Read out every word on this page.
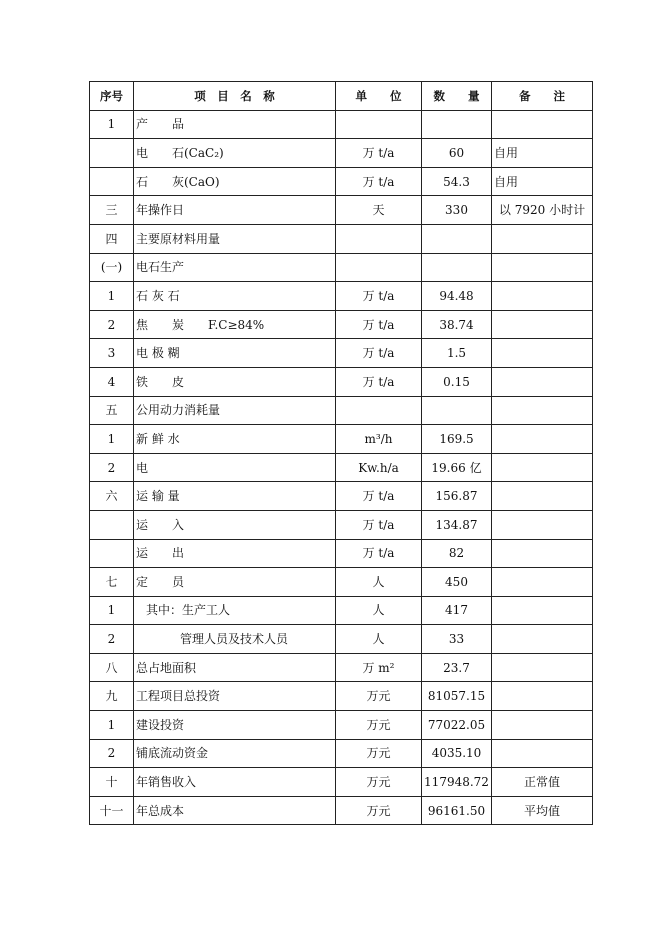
序号	项　目　名　称	单　　位	数　　量	备　　注
1	产　　品			
	电　　石(CaC₂)	万 t/a	60	自用
	石　　灰(CaO)	万 t/a	54.3	自用
三	年操作日	天	330	以 7920 小时计
四	主要原材料用量			
(一)	电石生产			
1	石 灰 石	万 t/a	94.48	
2	焦　　炭　　F.C≥84%	万 t/a	38.74	
3	电 极 糊	万 t/a	1.5	
4	铁　　皮	万 t/a	0.15	
五	公用动力消耗量			
1	新 鲜 水	m³/h	169.5	
2	电	Kw.h/a	19.66 亿	
六	运 输 量	万 t/a	156.87	
	运　　入	万 t/a	134.87	
	运　　出	万 t/a	82	
七	定　　员	人	450	
1	其中：生产工人	人	417	
2	管理人员及技术人员	人	33	
八	总占地面积	万 m²	23.7	
九	工程项目总投资	万元	81057.15	
1	建设投资	万元	77022.05	
2	铺底流动资金	万元	4035.10	
十	年销售收入	万元	117948.72	正常值
十一	年总成本	万元	96161.50	平均值
